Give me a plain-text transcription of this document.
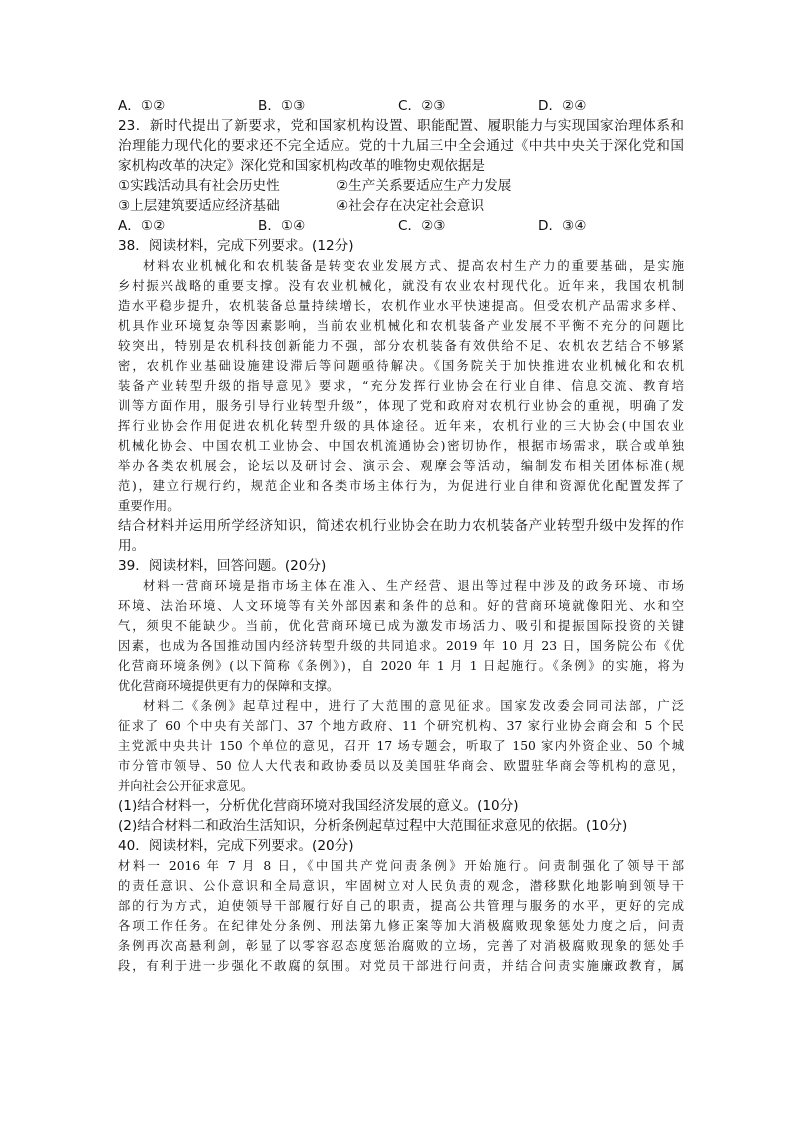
A．①②	B．①③	C．②③	D．②④
23．新时代提出了新要求，党和国家机构设置、职能配置、履职能力与实现国家治理体系和
治理能力现代化的要求还不完全适应。党的十九届三中全会通过《中共中央关于深化党和国
家机构改革的决定》深化党和国家机构改革的唯物史观依据是
①实践活动具有社会历史性	②生产关系要适应生产力发展
③上层建筑要适应经济基础	④社会存在决定社会意识
A．①②	B．①④	C．②③	D．③④
38．阅读材料，完成下列要求。(12分)
材料农业机械化和农机装备是转变农业发展方式、提高农村生产力的重要基础，是实施
乡村振兴战略的重要支撑。没有农业机械化，就没有农业农村现代化。近年来，我国农机制
造水平稳步提升，农机装备总量持续增长，农机作业水平快速提高。但受农机产品需求多样、
机具作业环境复杂等因素影响，当前农业机械化和农机装备产业发展不平衡不充分的问题比
较突出，特别是农机科技创新能力不强，部分农机装备有效供给不足、农机农艺结合不够紧
密，农机作业基础设施建设滞后等问题亟待解决。《国务院关于加快推进农业机械化和农机
装备产业转型升级的指导意见》要求，“充分发挥行业协会在行业自律、信息交流、教育培
训等方面作用，服务引导行业转型升级”，体现了党和政府对农机行业协会的重视，明确了发
挥行业协会作用促进农机化转型升级的具体途径。近年来，农机行业的三大协会(中国农业
机械化协会、中国农机工业协会、中国农机流通协会)密切协作，根据市场需求，联合或单独
举办各类农机展会，论坛以及研讨会、演示会、观摩会等活动，编制发布相关团体标准(规
范)，建立行规行约，规范企业和各类市场主体行为，为促进行业自律和资源优化配置发挥了
重要作用。
结合材料并运用所学经济知识，简述农机行业协会在助力农机装备产业转型升级中发挥的作
用。
39．阅读材料，回答问题。(20分)
材料一营商环境是指市场主体在准入、生产经营、退出等过程中涉及的政务环境、市场
环境、法治环境、人文环境等有关外部因素和条件的总和。好的营商环境就像阳光、水和空
气，须臾不能缺少。当前，优化营商环境已成为激发市场活力、吸引和提振国际投资的关键
因素，也成为各国推动国内经济转型升级的共同追求。2019 年 10 月 23 日，国务院公布《优
化营商环境条例》(以下简称《条例》)，自 2020 年 1 月 1 日起施行。《条例》的实施，将为
优化营商环境提供更有力的保障和支撑。
材料二《条例》起草过程中，进行了大范围的意见征求。国家发改委会同司法部，广泛
征求了 60 个中央有关部门、37 个地方政府、11 个研究机构、37 家行业协会商会和 5 个民
主党派中央共计 150 个单位的意见，召开 17 场专题会，听取了 150 家内外资企业、50 个城
市分管市领导、50 位人大代表和政协委员以及美国驻华商会、欧盟驻华商会等机构的意见，
并向社会公开征求意见。
(1)结合材料一，分析优化营商环境对我国经济发展的意义。(10分)
(2)结合材料二和政治生活知识，分析条例起草过程中大范围征求意见的依据。(10分)
40．阅读材料，完成下列要求。(20分)
材料一 2016 年 7 月 8 日，《中国共产党问责条例》开始施行。问责制强化了领导干部
的责任意识、公仆意识和全局意识，牢固树立对人民负责的观念，潜移默化地影响到领导干
部的行为方式，迫使领导干部履行好自己的职责，提高公共管理与服务的水平，更好的完成
各项工作任务。在纪律处分条例、刑法第九修正案等加大消极腐败现象惩处力度之后，问责
条例再次高悬利剑，彰显了以零容忍态度惩治腐败的立场，完善了对消极腐败现象的惩处手
段，有利于进一步强化不敢腐的氛围。对党员干部进行问责，并结合问责实施廉政教育，属
